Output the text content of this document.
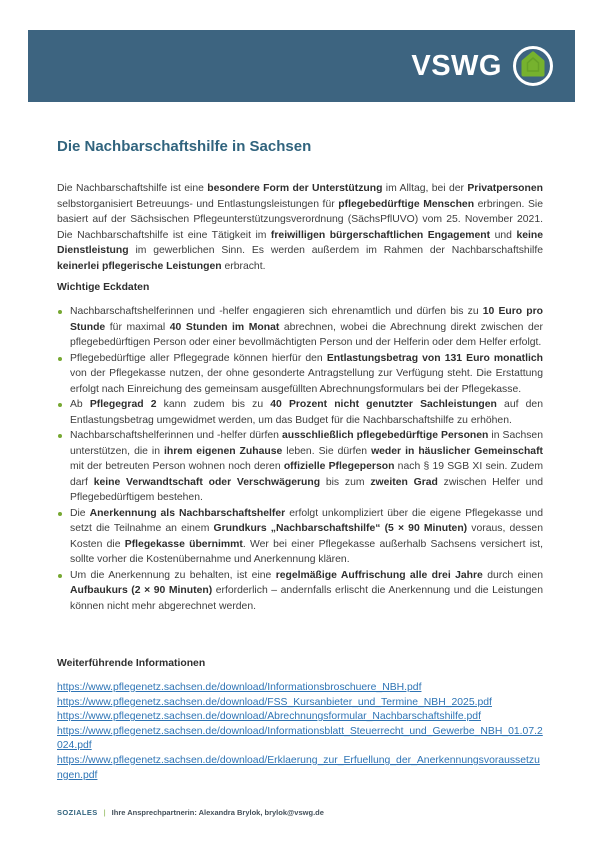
VSWG
Die Nachbarschaftshilfe in Sachsen

Die Nachbarschaftshilfe ist eine besondere Form der Unterstützung im Alltag, bei der Privatpersonen selbstorganisiert Betreuungs- und Entlastungsleistungen für pflegebedürftige Menschen erbringen. Sie basiert auf der Sächsischen Pflegeunterstützungsverordnung (SächsPflUVO) vom 25. November 2021. Die Nachbarschaftshilfe ist eine Tätigkeit im freiwilligen bürgerschaftlichen Engagement und keine Dienstleistung im gewerblichen Sinn. Es werden außerdem im Rahmen der Nachbarschaftshilfe keinerlei pflegerische Leistungen erbracht.

Wichtige Eckdaten
Nachbarschaftshelferinnen und -helfer engagieren sich ehrenamtlich und dürfen bis zu 10 Euro pro Stunde für maximal 40 Stunden im Monat abrechnen, wobei die Abrechnung direkt zwischen der pflegebedürftigen Person oder einer bevollmächtigten Person und der Helferin oder dem Helfer erfolgt.
Pflegebedürftige aller Pflegegrade können hierfür den Entlastungsbetrag von 131 Euro monatlich von der Pflegekasse nutzen, der ohne gesonderte Antragstellung zur Verfügung steht. Die Erstattung erfolgt nach Einreichung des gemeinsam ausgefüllten Abrechnungsformulars bei der Pflegekasse.
Ab Pflegegrad 2 kann zudem bis zu 40 Prozent nicht genutzter Sachleistungen auf den Entlastungsbetrag umgewidmet werden, um das Budget für die Nachbarschaftshilfe zu erhöhen.
Nachbarschaftshelferinnen und -helfer dürfen ausschließlich pflegebedürftige Personen in Sachsen unterstützen, die in ihrem eigenen Zuhause leben. Sie dürfen weder in häuslicher Gemeinschaft mit der betreuten Person wohnen noch deren offizielle Pflegeperson nach § 19 SGB XI sein. Zudem darf keine Verwandtschaft oder Verschwägerung bis zum zweiten Grad zwischen Helfer und Pflegebedürftigem bestehen.
Die Anerkennung als Nachbarschaftshelfer erfolgt unkompliziert über die eigene Pflegekasse und setzt die Teilnahme an einem Grundkurs „Nachbarschaftshilfe“ (5 × 90 Minuten) voraus, dessen Kosten die Pflegekasse übernimmt. Wer bei einer Pflegekasse außerhalb Sachsens versichert ist, sollte vorher die Kostenübernahme und Anerkennung klären.
Um die Anerkennung zu behalten, ist eine regelmäßige Auffrischung alle drei Jahre durch einen Aufbaukurs (2 × 90 Minuten) erforderlich – andernfalls erlischt die Anerkennung und die Leistungen können nicht mehr abgerechnet werden.
Weiterführende Informationen
https://www.pflegenetz.sachsen.de/download/Informationsbroschuere_NBH.pdf
https://www.pflegenetz.sachsen.de/download/FSS_Kursanbieter_und_Termine_NBH_2025.pdf
https://www.pflegenetz.sachsen.de/download/Abrechnungsformular_Nachbarschaftshilfe.pdf
https://www.pflegenetz.sachsen.de/download/Informationsblatt_Steuerrecht_und_Gewerbe_NBH_01.07.2024.pdf
https://www.pflegenetz.sachsen.de/download/Erklaerung_zur_Erfuellung_der_Anerkennungsvoraussetzungen.pdf
SOZIALES | Ihre Ansprechpartnerin: Alexandra Brylok, brylok@vswg.de
